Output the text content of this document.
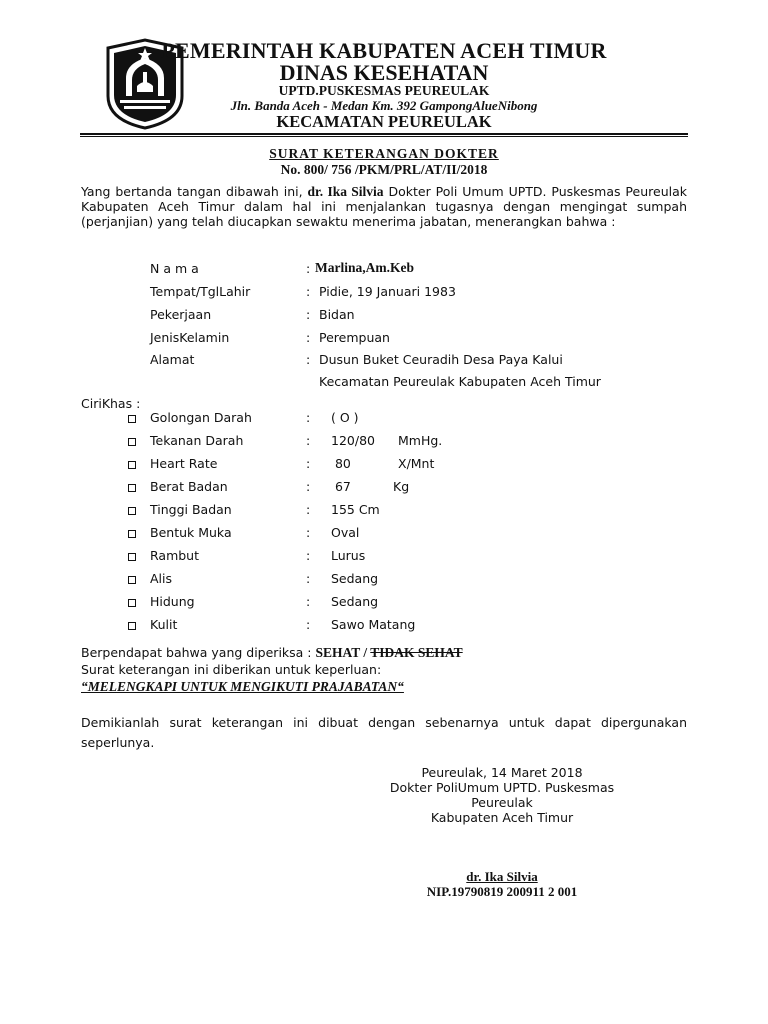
PEMERINTAH KABUPATEN ACEH TIMUR
DINAS KESEHATAN
UPTD.PUSKESMAS PEUREULAK
Jln. Banda Aceh - Medan Km. 392 GampongAlueNibong
KECAMATAN PEUREULAK
SURAT KETERANGAN DOKTER
No. 800/ 756 /PKM/PRL/AT/II/2018
Yang bertanda tangan dibawah ini, dr. Ika Silvia Dokter Poli Umum UPTD. Puskesmas Peureulak Kabupaten Aceh Timur dalam hal ini menjalankan tugasnya dengan mengingat sumpah (perjanjian) yang telah diucapkan sewaktu menerima jabatan, menerangkan bahwa :
N a m a	: Marlina,Am.Keb
Tempat/TglLahir	: Pidie, 19 Januari 1983
Pekerjaan	: Bidan
JenisKelamin	: Perempuan
Alamat	: Dusun Buket Ceuradih Desa Paya Kalui
Kecamatan Peureulak Kabupaten Aceh Timur
CiriKhas :
Golongan Darah	: ( O )
Tekanan Darah	: 120/80 MmHg.
Heart Rate	: 80	X/Mnt
Berat Badan	: 67	Kg
Tinggi Badan	: 155 Cm
Bentuk Muka	: Oval
Rambut	: Lurus
Alis	: Sedang
Hidung	: Sedang
Kulit	: Sawo Matang
Berpendapat bahwa yang diperiksa : SEHAT / TIDAK SEHAT
Surat keterangan ini diberikan untuk keperluan:
“MELENGKAPI UNTUK MENGIKUTI PRAJABATAN“
Demikianlah surat keterangan ini dibuat dengan sebenarnya untuk dapat dipergunakan seperlunya.
Peureulak, 14 Maret 2018
Dokter PoliUmum UPTD. Puskesmas
Peureulak
Kabupaten Aceh Timur
dr. Ika Silvia
NIP.19790819 200911 2 001
